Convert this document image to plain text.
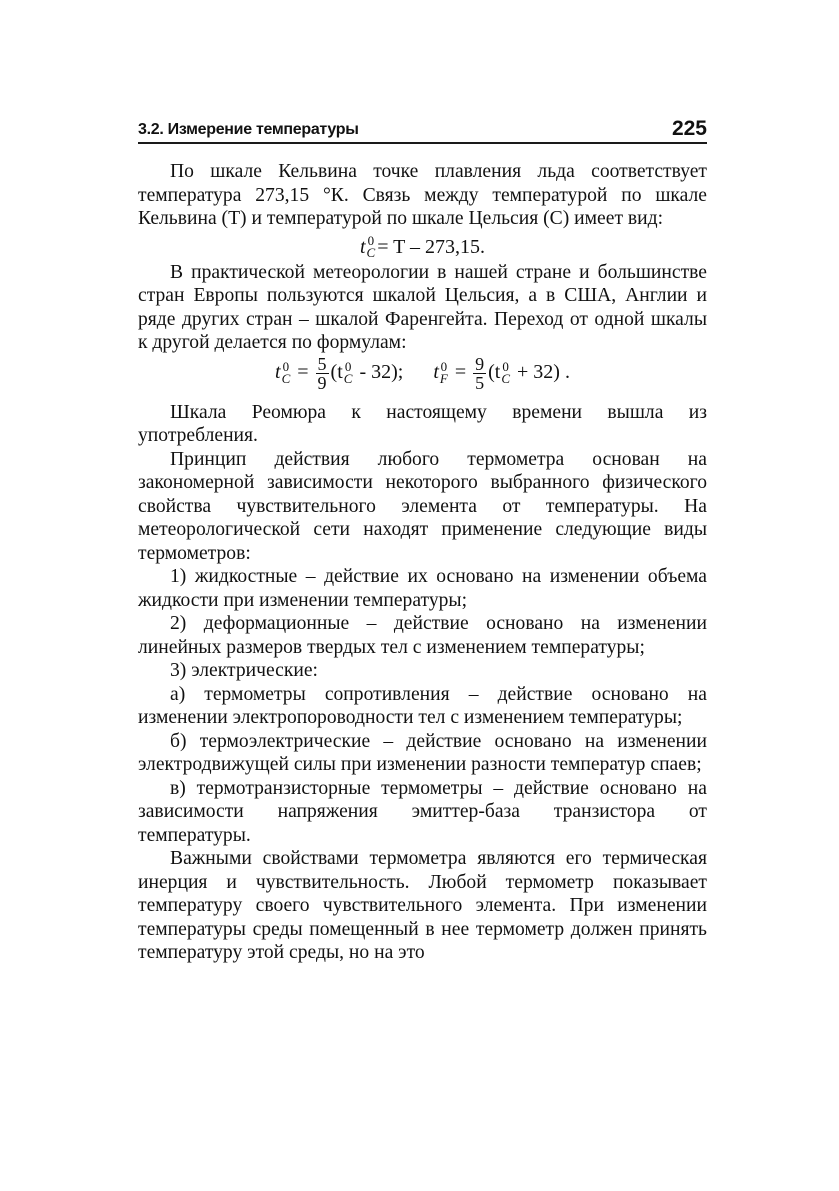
3.2. Измерение температуры	225

По шкале Кельвина точке плавления льда соответствует температура 273,15 °К. Связь между температурой по шкале Кельвина (Т) и температурой по шкале Цельсия (С) имеет вид:

t 0
C = T – 273,15.

В практической метеорологии в нашей стране и большинстве стран Европы пользуются шкалой Цельсия, а в США, Англии и ряде других стран – шкалой Фаренгейта. Переход от одной шкалы к другой делается по формулам:

t 0
$C = \frac{5}{9} (t$ 0
C - 32); t 0
$F = \frac{9}{5} (t$ 0
C + 32) .

Шкала Реомюра к настоящему времени вышла из употребления.

Принцип действия любого термометра основан на закономерной зависимости некоторого выбранного физического свойства чувствительного элемента от температуры. На метеорологической сети находят применение следующие виды термометров:

1) жидкостные – действие их основано на изменении объема жидкости при изменении температуры;

2) деформационные – действие основано на изменении линейных размеров твердых тел с изменением температуры;

3) электрические:

а) термометры сопротивления – действие основано на изменении электропороводности тел с изменением температуры;

б) термоэлектрические – действие основано на изменении электродвижущей силы при изменении разности температур спаев;

в) термотранзисторные термометры – действие основано на зависимости напряжения эмиттер-база транзистора от температуры.

Важными свойствами термометра являются его термическая инерция и чувствительность. Любой термометр показывает температуру своего чувствительного элемента. При изменении температуры среды помещенный в нее термометр должен принять температуру этой среды, но на это
